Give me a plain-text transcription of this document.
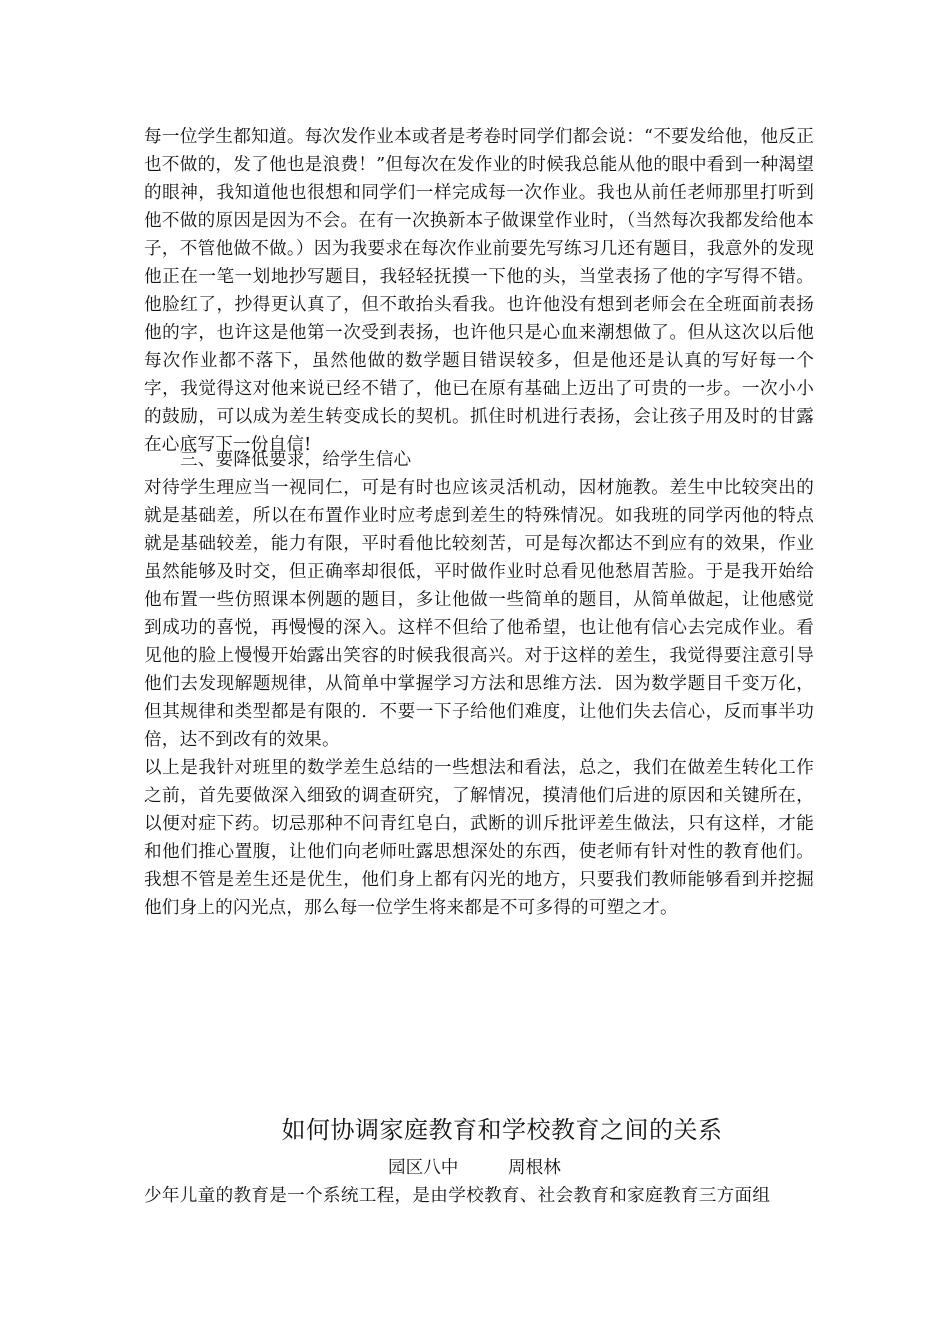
每一位学生都知道。每次发作业本或者是考卷时同学们都会说：“不要发给他，他反正也不做的，发了他也是浪费！”但每次在发作业的时候我总能从他的眼中看到一种渴望的眼神，我知道他也很想和同学们一样完成每一次作业。我也从前任老师那里打听到他不做的原因是因为不会。在有一次换新本子做课堂作业时，（当然每次我都发给他本子，不管他做不做。）因为我要求在每次作业前要先写练习几还有题目，我意外的发现他正在一笔一划地抄写题目，我轻轻抚摸一下他的头，当堂表扬了他的字写得不错。他脸红了，抄得更认真了，但不敢抬头看我。也许他没有想到老师会在全班面前表扬他的字，也许这是他第一次受到表扬，也许他只是心血来潮想做了。但从这次以后他每次作业都不落下，虽然他做的数学题目错误较多，但是他还是认真的写好每一个字，我觉得这对他来说已经不错了，他已在原有基础上迈出了可贵的一步。一次小小的鼓励，可以成为差生转变成长的契机。抓住时机进行表扬，会让孩子用及时的甘露在心底写下一份自信!

三、要降低要求，给学生信心

对待学生理应当一视同仁，可是有时也应该灵活机动，因材施教。差生中比较突出的就是基础差，所以在布置作业时应考虑到差生的特殊情况。如我班的同学丙他的特点就是基础较差，能力有限，平时看他比较刻苦，可是每次都达不到应有的效果，作业虽然能够及时交，但正确率却很低，平时做作业时总看见他愁眉苦脸。于是我开始给他布置一些仿照课本例题的题目，多让他做一些简单的题目，从简单做起，让他感觉到成功的喜悦，再慢慢的深入。这样不但给了他希望，也让他有信心去完成作业。看见他的脸上慢慢开始露出笑容的时候我很高兴。对于这样的差生，我觉得要注意引导他们去发现解题规律，从简单中掌握学习方法和思维方法．因为数学题目千变万化，但其规律和类型都是有限的．不要一下子给他们难度，让他们失去信心，反而事半功倍，达不到改有的效果。

以上是我针对班里的数学差生总结的一些想法和看法，总之，我们在做差生转化工作之前，首先要做深入细致的调查研究，了解情况，摸清他们后进的原因和关键所在，以便对症下药。切忌那种不问青红皂白，武断的训斥批评差生做法，只有这样，才能和他们推心置腹，让他们向老师吐露思想深处的东西，使老师有针对性的教育他们。我想不管是差生还是优生，他们身上都有闪光的地方，只要我们教师能够看到并挖掘他们身上的闪光点，那么每一位学生将来都是不可多得的可塑之才。

如何协调家庭教育和学校教育之间的关系
园区八中	周根林
少年儿童的教育是一个系统工程，是由学校教育、社会教育和家庭教育三方面组
